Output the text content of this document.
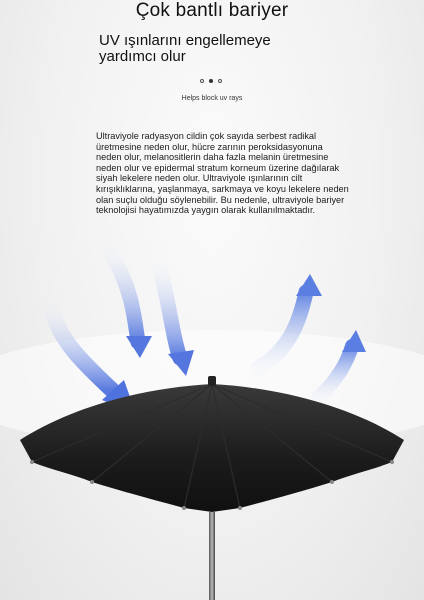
Çok bantlı bariyer

UV ışınlarını engellemeye
yardımcı olur

Helps block uv rays

Ultraviyole radyasyon cildin çok sayıda serbest radikal
üretmesine neden olur, hücre zarının peroksidasyonuna
neden olur, melanositlerin daha fazla melanin üretmesine
neden olur ve epidermal stratum korneum üzerine dağılarak
siyah lekelere neden olur. Ultraviyole ışınlarının cilt
kırışıklıklarına, yaşlanmaya, sarkmaya ve koyu lekelere neden
olan suçlu olduğu söylenebilir. Bu nedenle, ultraviyole bariyer
teknolojisi hayatımızda yaygın olarak kullanılmaktadır.
